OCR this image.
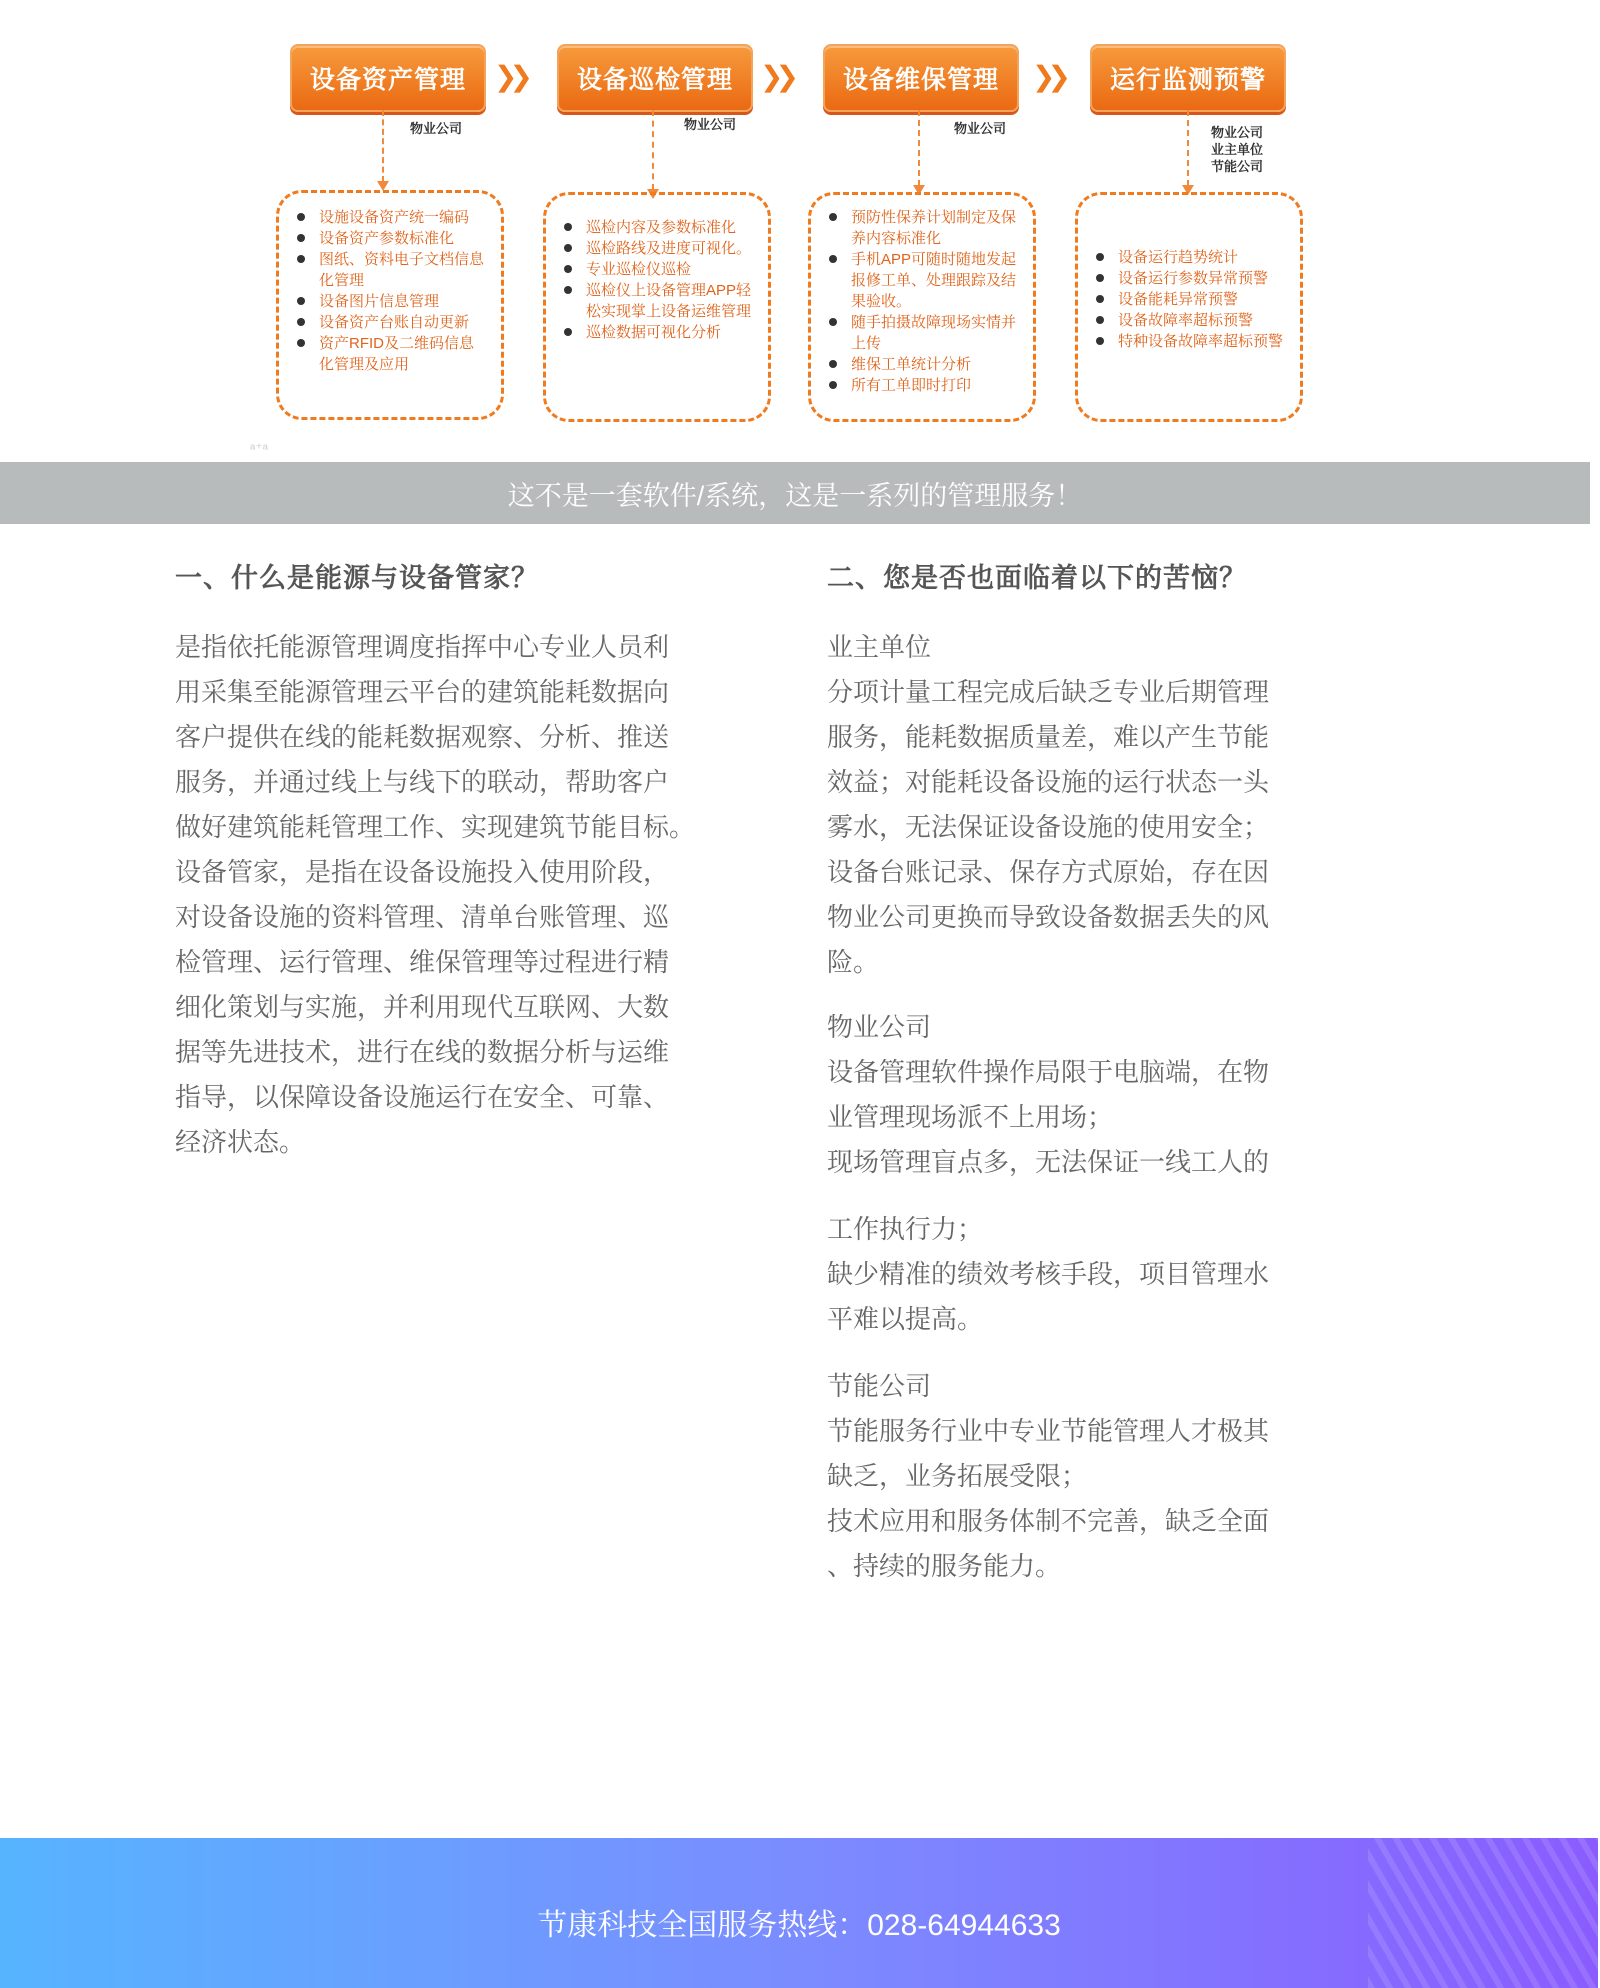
设备资产管理 ❯❯ 设备巡检管理 ❯❯ 设备维保管理 ❯❯ 运行监测预警
物业公司	物业公司	物业公司	物业公司
业主单位
节能公司
设施设备资产统一编码
设备资产参数标准化
图纸、资料电子文档信息化管理
设备图片信息管理
设备资产台账自动更新
资产RFID及二维码信息化管理及应用
巡检内容及参数标准化
巡检路线及进度可视化。
专业巡检仪巡检
巡检仪上设备管理APP轻松实现掌上设备运维管理
巡检数据可视化分析
预防性保养计划制定及保养内容标准化
手机APP可随时随地发起报修工单、处理跟踪及结果验收。
随手拍摄故障现场实情并上传
维保工单统计分析
所有工单即时打印
设备运行趋势统计
设备运行参数异常预警
设备能耗异常预警
设备故障率超标预警
特种设备故障率超标预警
ᵃ⁺ᵃ
这不是一套软件/系统，这是一系列的管理服务！
一、什么是能源与设备管家？

是指依托能源管理调度指挥中心专业人员利

用采集至能源管理云平台的建筑能耗数据向

客户提供在线的能耗数据观察、分析、推送

服务，并通过线上与线下的联动，帮助客户

做好建筑能耗管理工作、实现建筑节能目标。

设备管家，是指在设备设施投入使用阶段，

对设备设施的资料管理、清单台账管理、巡

检管理、运行管理、维保管理等过程进行精

细化策划与实施，并利用现代互联网、大数

据等先进技术，进行在线的数据分析与运维

指导，以保障设备设施运行在安全、可靠、

经济状态。

二、您是否也面临着以下的苦恼？

业主单位

分项计量工程完成后缺乏专业后期管理

服务，能耗数据质量差，难以产生节能

效益；对能耗设备设施的运行状态一头

雾水，无法保证设备设施的使用安全；

设备台账记录、保存方式原始，存在因

物业公司更换而导致设备数据丢失的风

险。

物业公司

设备管理软件操作局限于电脑端，在物

业管理现场派不上用场；

现场管理盲点多，无法保证一线工人的

工作执行力；

缺少精准的绩效考核手段，项目管理水

平难以提高。

节能公司

节能服务行业中专业节能管理人才极其

缺乏，业务拓展受限；

技术应用和服务体制不完善，缺乏全面

、持续的服务能力。

节康科技全国服务热线：028-64944633
